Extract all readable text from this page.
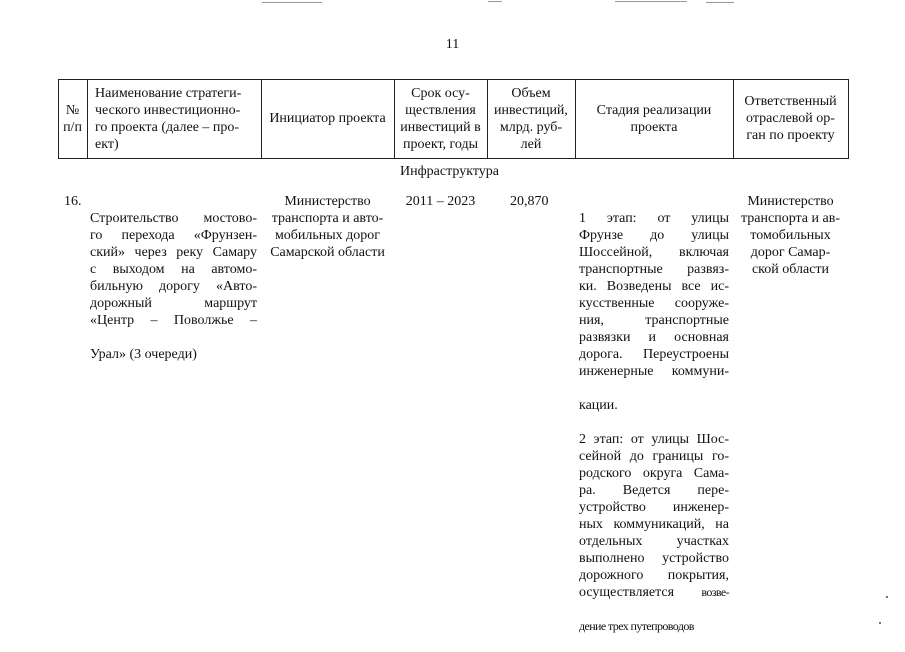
11
№
п/п
Наименование стратеги-
ческого инвестиционно-
го проекта (далее – про-
ект)
Инициатор проекта
Срок осу-
ществления
инвестиций в
проект, годы
Объем
инвестиций,
млрд. руб-
лей
Стадия реализации
проекта
Ответственный
отраслевой ор-
ган по проекту
Инфраструктура
16.

Строительство мостово-
го перехода «Фрунзен-
ский» через реку Самару
с выходом на автомо-
бильную дорогу «Авто-
дорожный маршрут
«Центр – Поволжье –

Урал» (3 очереди)

Министерство
транспорта и авто-
мобильных дорог
Самарской области
2011 – 2023	20,870

1 этап: от улицы
Фрунзе до улицы
Шоссейной, включая
транспортные развяз-
ки. Возведены все ис-
кусственные сооруже-
ния, транспортные
развязки и основная
дорога. Переустроены
инженерные коммуни-

кации.

2 этап: от улицы Шос-
сейной до границы го-
родского округа Сама-
ра. Ведется пере-
устройство инженер-
ных коммуникаций, на
отдельных участках
выполнено устройство
дорожного покрытия,
осуществляется возве-

дение трех путепроводов

Министерство
транспорта и ав-
томобильных
дорог Самар-
ской области
